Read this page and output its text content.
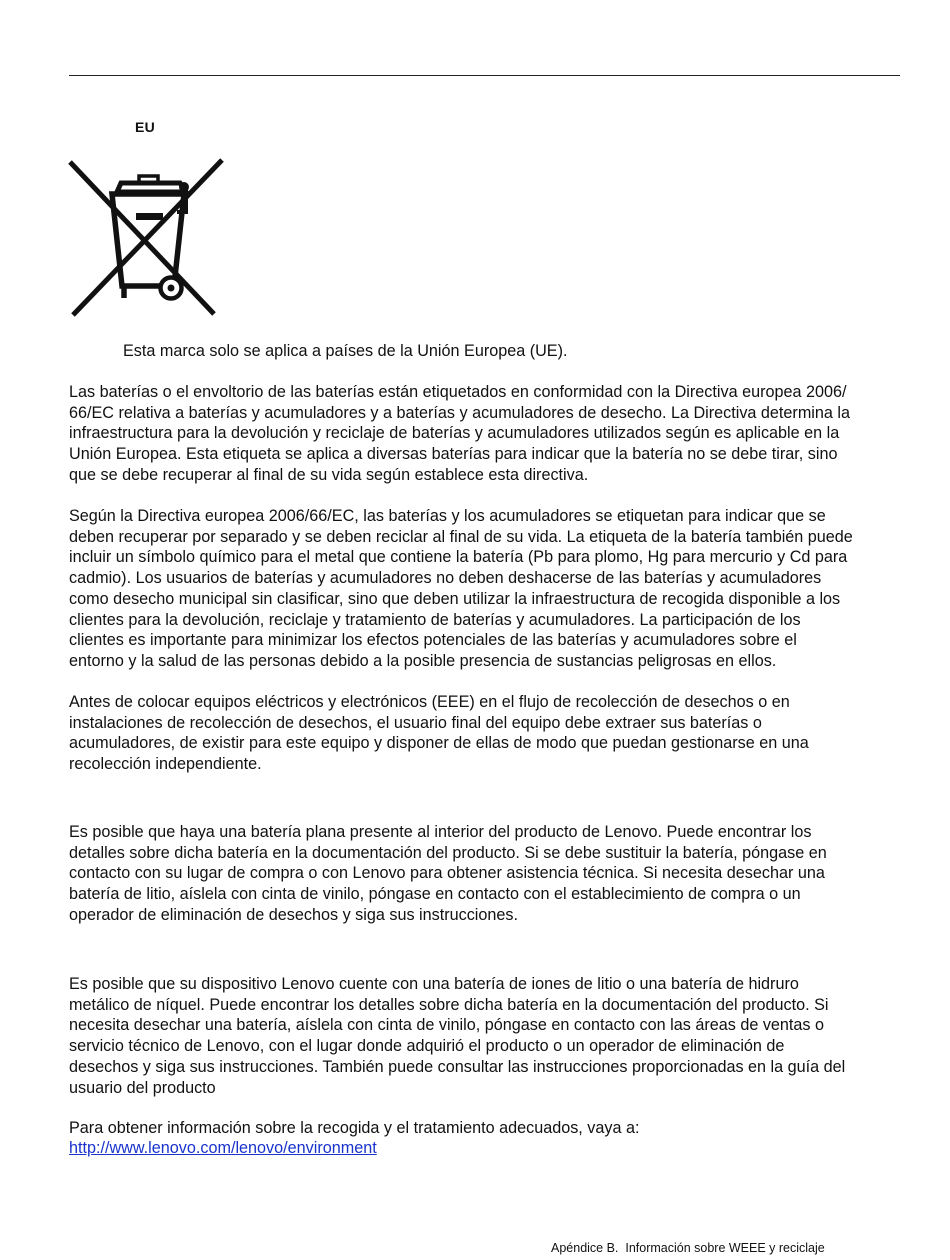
EU

Esta marca solo se aplica a países de la Unión Europea (UE).

Las baterías o el envoltorio de las baterías están etiquetados en conformidad con la Directiva europea 2006/
66/EC relativa a baterías y acumuladores y a baterías y acumuladores de desecho. La Directiva determina la
infraestructura para la devolución y reciclaje de baterías y acumuladores utilizados según es aplicable en la
Unión Europea. Esta etiqueta se aplica a diversas baterías para indicar que la batería no se debe tirar, sino
que se debe recuperar al final de su vida según establece esta directiva.

Según la Directiva europea 2006/66/EC, las baterías y los acumuladores se etiquetan para indicar que se
deben recuperar por separado y se deben reciclar al final de su vida. La etiqueta de la batería también puede
incluir un símbolo químico para el metal que contiene la batería (Pb para plomo, Hg para mercurio y Cd para
cadmio). Los usuarios de baterías y acumuladores no deben deshacerse de las baterías y acumuladores
como desecho municipal sin clasificar, sino que deben utilizar la infraestructura de recogida disponible a los
clientes para la devolución, reciclaje y tratamiento de baterías y acumuladores. La participación de los
clientes es importante para minimizar los efectos potenciales de las baterías y acumuladores sobre el
entorno y la salud de las personas debido a la posible presencia de sustancias peligrosas en ellos.

Antes de colocar equipos eléctricos y electrónicos (EEE) en el flujo de recolección de desechos o en
instalaciones de recolección de desechos, el usuario final del equipo debe extraer sus baterías o
acumuladores, de existir para este equipo y disponer de ellas de modo que puedan gestionarse en una
recolección independiente.

Es posible que haya una batería plana presente al interior del producto de Lenovo. Puede encontrar los
detalles sobre dicha batería en la documentación del producto. Si se debe sustituir la batería, póngase en
contacto con su lugar de compra o con Lenovo para obtener asistencia técnica. Si necesita desechar una
batería de litio, aíslela con cinta de vinilo, póngase en contacto con el establecimiento de compra o un
operador de eliminación de desechos y siga sus instrucciones.

Es posible que su dispositivo Lenovo cuente con una batería de iones de litio o una batería de hidruro
metálico de níquel. Puede encontrar los detalles sobre dicha batería en la documentación del producto. Si
necesita desechar una batería, aíslela con cinta de vinilo, póngase en contacto con las áreas de ventas o
servicio técnico de Lenovo, con el lugar donde adquirió el producto o un operador de eliminación de
desechos y siga sus instrucciones. También puede consultar las instrucciones proporcionadas en la guía del
usuario del producto

Para obtener información sobre la recogida y el tratamiento adecuados, vaya a:

http://www.lenovo.com/lenovo/environment
Apéndice B.  Información sobre WEEE y reciclaje
